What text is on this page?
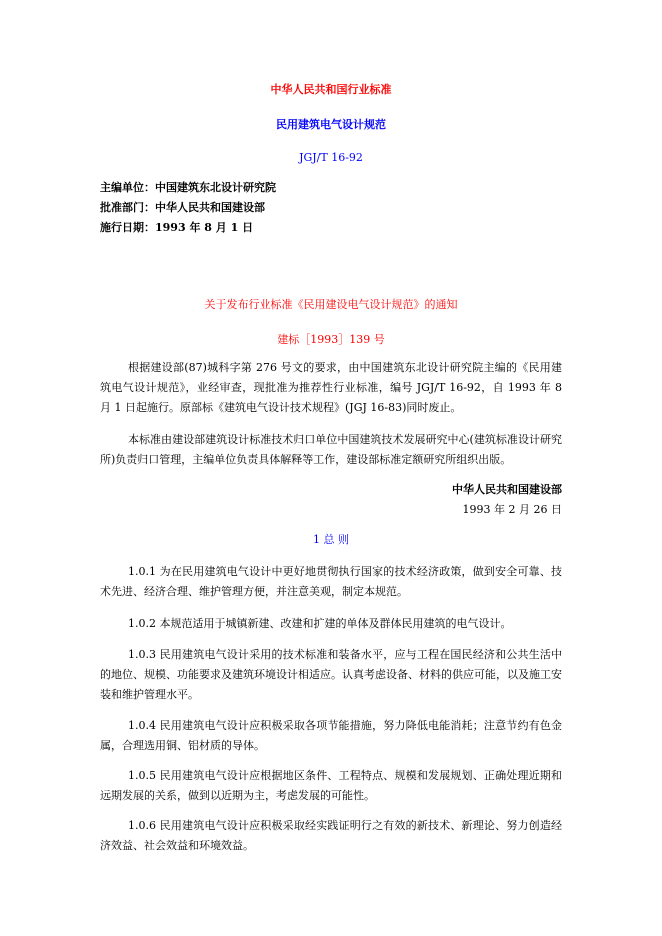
中华人民共和国行业标准
民用建筑电气设计规范
JGJ/T 16-92
主编单位：中国建筑东北设计研究院
批准部门：中华人民共和国建设部
施行日期：1993 年 8 月 1 日
关于发布行业标准《民用建设电气设计规范》的通知
建标［1993］139 号
根据建设部(87)城科字第 276 号文的要求，由中国建筑东北设计研究院主编的《民用建筑电气设计规范》，业经审查，现批准为推荐性行业标准，编号 JGJ/T 16-92，自 1993 年 8 月 1 日起施行。原部标《建筑电气设计技术规程》(JGJ 16-83)同时废止。
本标准由建设部建筑设计标准技术归口单位中国建筑技术发展研究中心(建筑标准设计研究所)负责归口管理，主编单位负责具体解释等工作，建设部标准定额研究所组织出版。
中华人民共和国建设部
1993 年 2 月 26 日
1 总 则
1.0.1 为在民用建筑电气设计中更好地贯彻执行国家的技术经济政策，做到安全可靠、技术先进、经济合理、维护管理方便，并注意美观，制定本规范。
1.0.2 本规范适用于城镇新建、改建和扩建的单体及群体民用建筑的电气设计。
1.0.3 民用建筑电气设计采用的技术标准和装备水平，应与工程在国民经济和公共生活中的地位、规模、功能要求及建筑环境设计相适应。认真考虑设备、材料的供应可能，以及施工安装和维护管理水平。
1.0.4 民用建筑电气设计应积极采取各项节能措施，努力降低电能消耗；注意节约有色金属，合理选用铜、铝材质的导体。
1.0.5 民用建筑电气设计应根据地区条件、工程特点、规模和发展规划、正确处理近期和远期发展的关系，做到以近期为主，考虑发展的可能性。
1.0.6 民用建筑电气设计应积极采取经实践证明行之有效的新技术、新理论、努力创造经济效益、社会效益和环境效益。
